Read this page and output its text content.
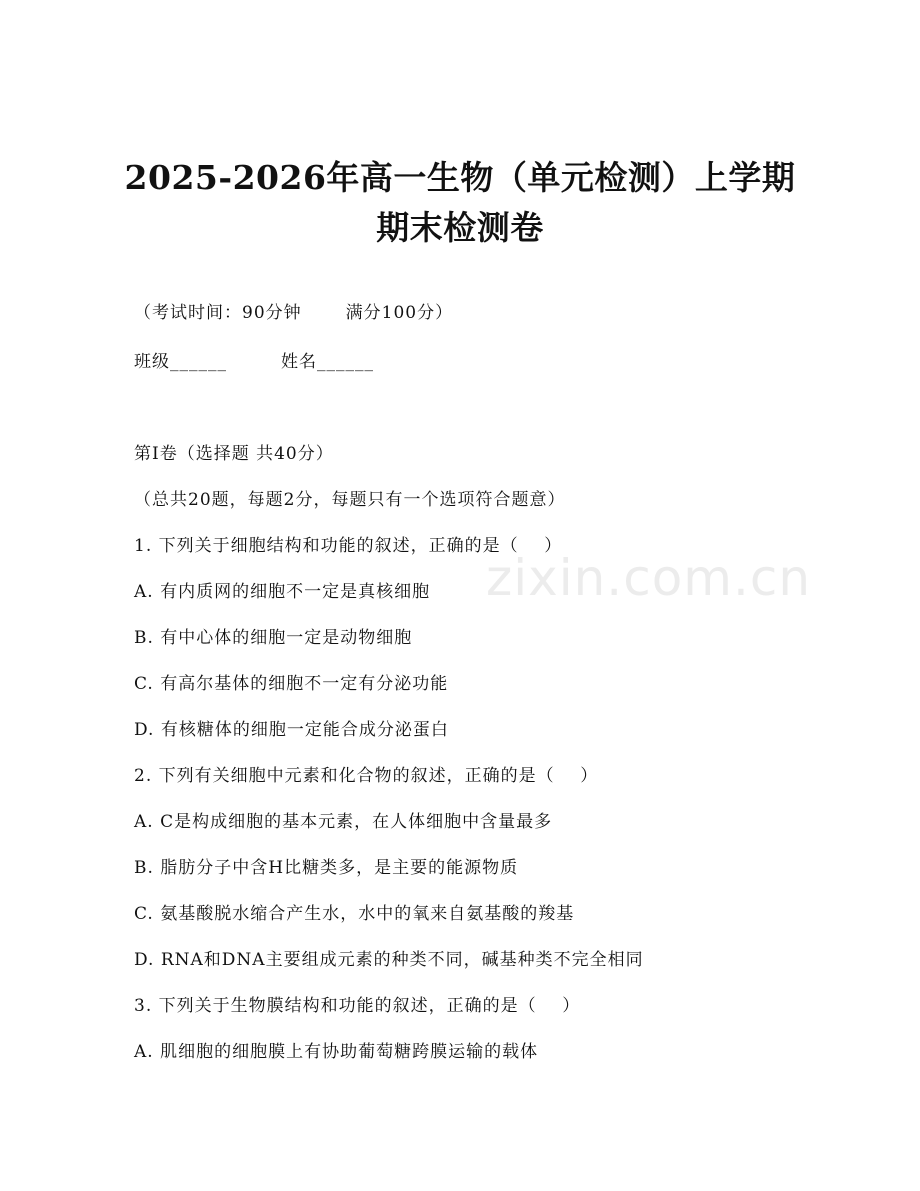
zixin.com.cn
2025-2026年高一生物（单元检测）上学期
期末检测卷
（考试时间：90分钟	满分100分）
班级______	姓名______
第I卷（选择题 共40分）
（总共20题，每题2分，每题只有一个选项符合题意）
1. 下列关于细胞结构和功能的叙述，正确的是（    ）
A. 有内质网的细胞不一定是真核细胞
B. 有中心体的细胞一定是动物细胞
C. 有高尔基体的细胞不一定有分泌功能
D. 有核糖体的细胞一定能合成分泌蛋白
2. 下列有关细胞中元素和化合物的叙述，正确的是（    ）
A. C是构成细胞的基本元素，在人体细胞中含量最多
B. 脂肪分子中含H比糖类多，是主要的能源物质
C. 氨基酸脱水缩合产生水，水中的氧来自氨基酸的羧基
D. RNA和DNA主要组成元素的种类不同，碱基种类不完全相同
3. 下列关于生物膜结构和功能的叙述，正确的是（    ）
A. 肌细胞的细胞膜上有协助葡萄糖跨膜运输的载体
